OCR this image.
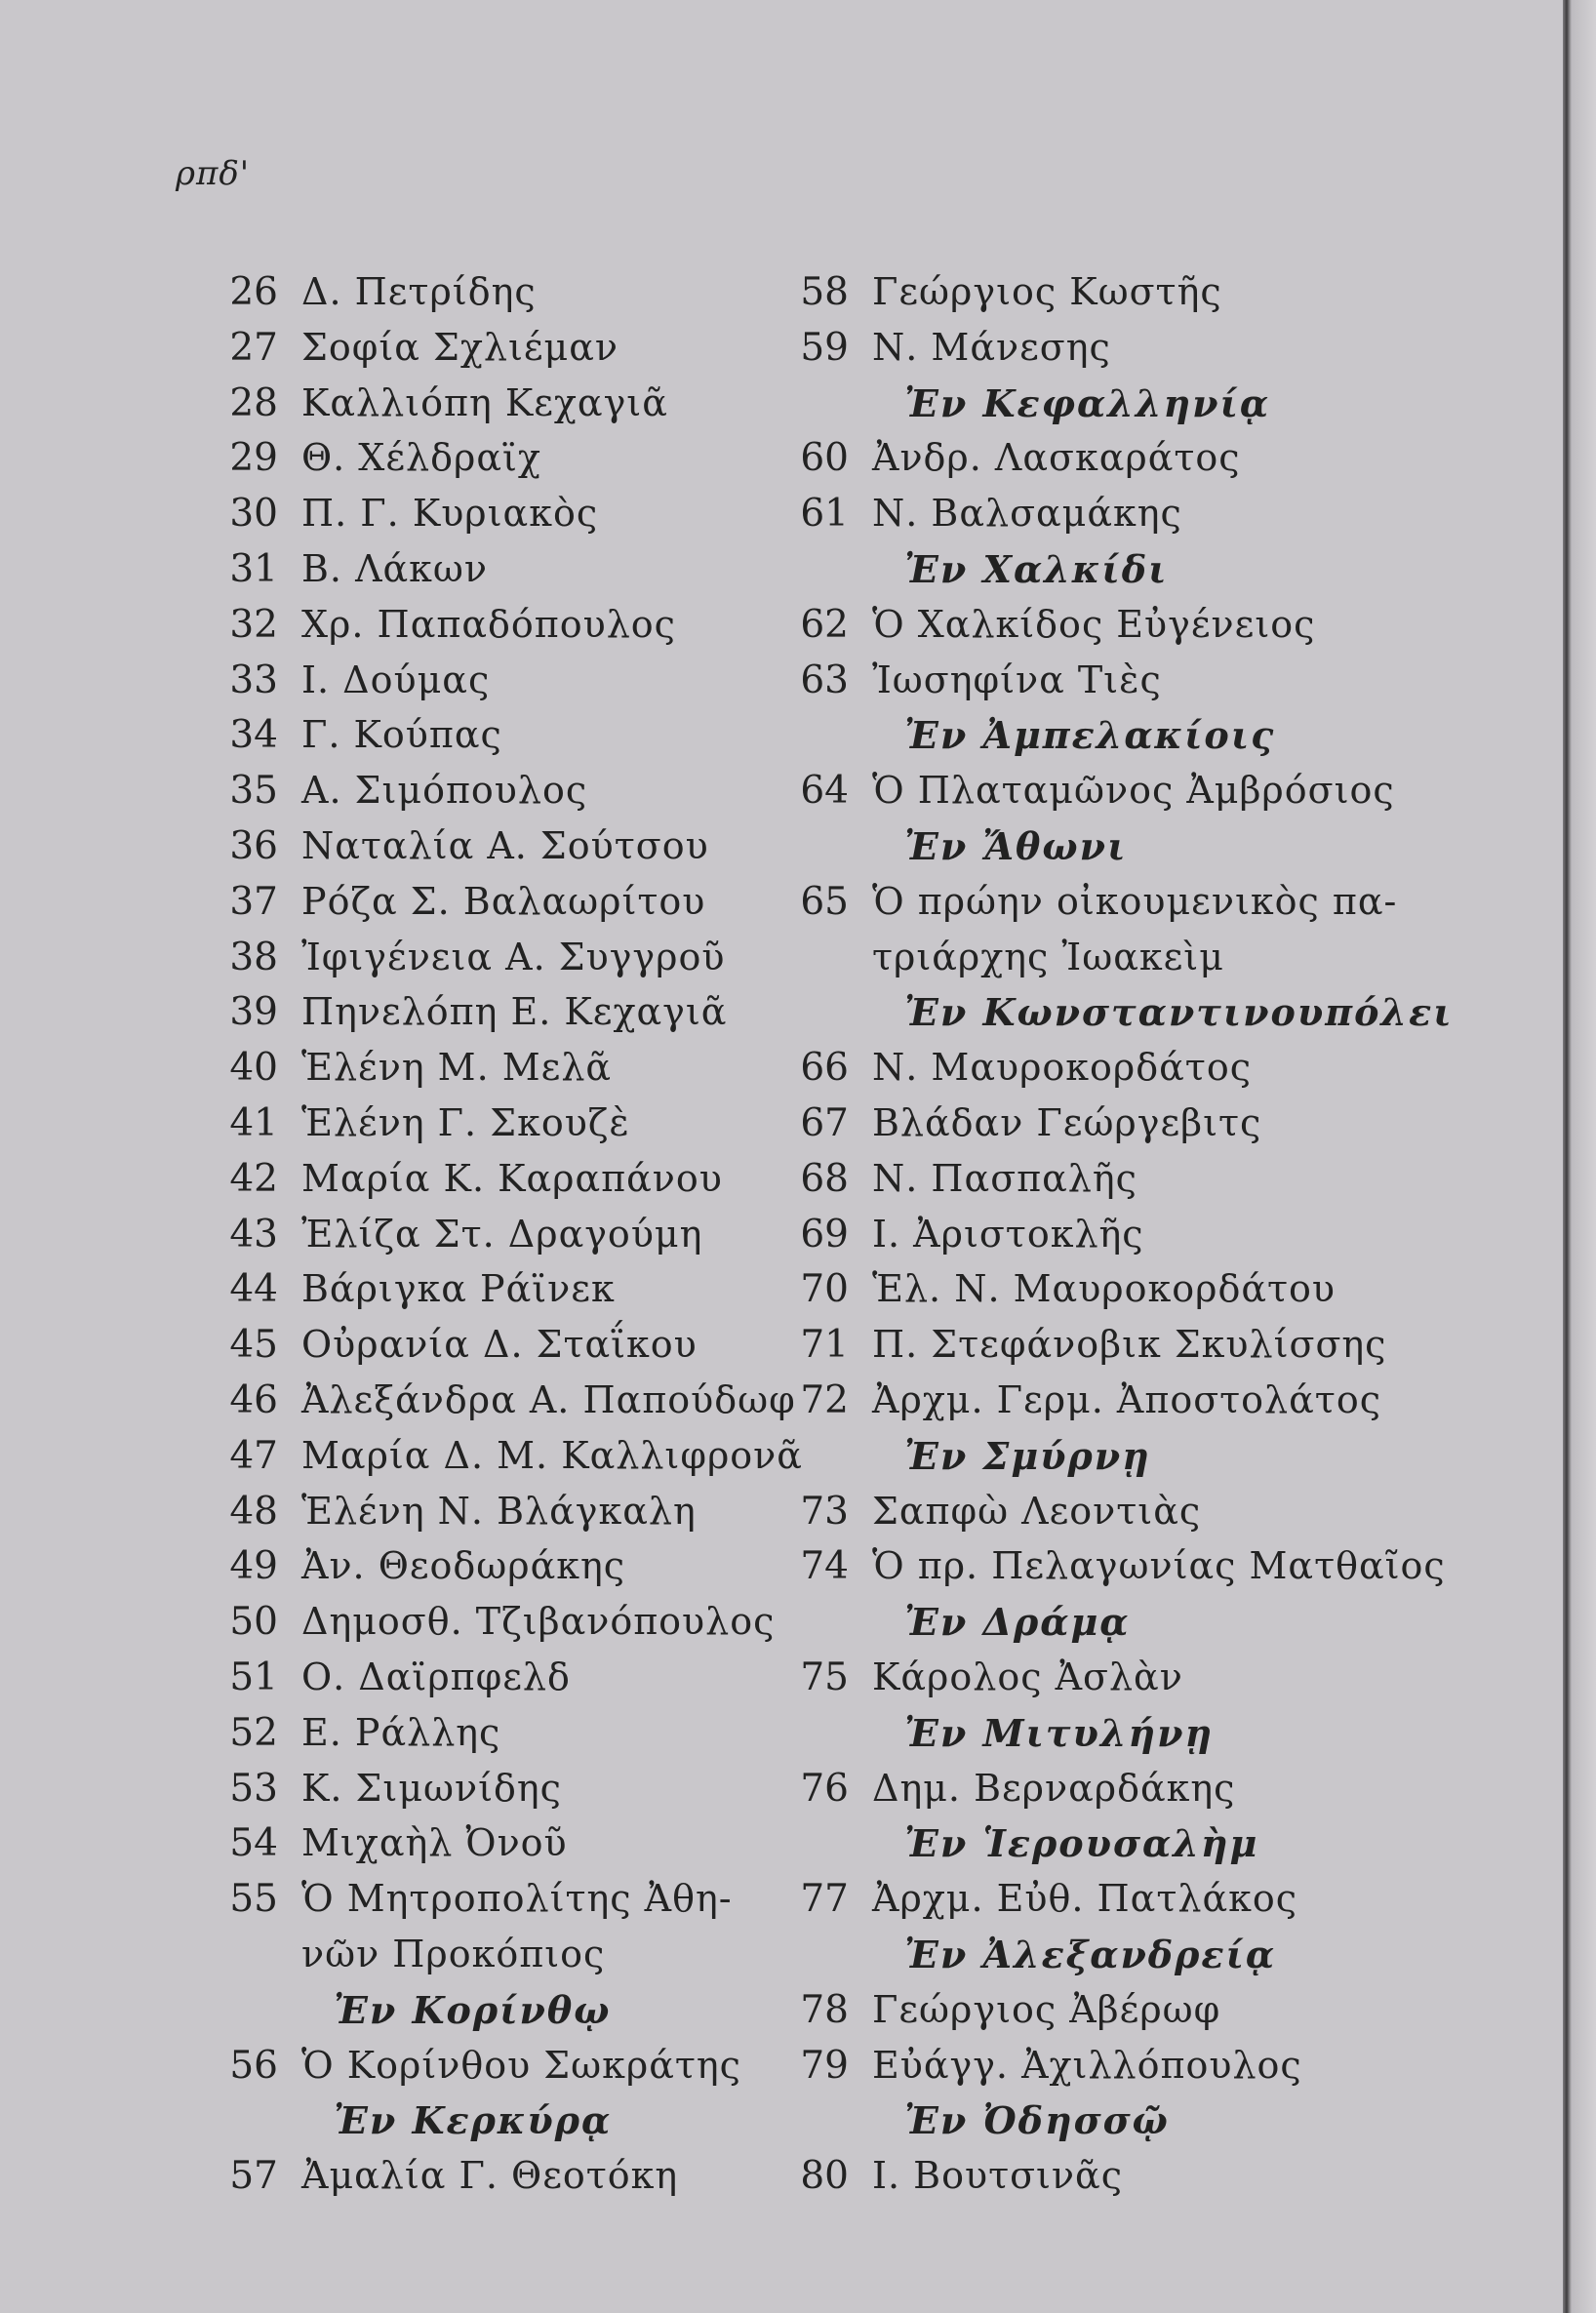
ρπδ'
26 Δ. Πετρίδης
27 Σοφία Σχλιέμαν
28 Καλλιόπη Κεχαγιᾶ
29 Θ. Χέλδραϊχ
30 Π. Γ. Κυριακὸς
31 Β. Λάκων
32 Χρ. Παπαδόπουλος
33 Ι. Δούμας
34 Γ. Κούπας
35 Α. Σιμόπουλος
36 Ναταλία Α. Σούτσου
37 Ρόζα Σ. Βαλαωρίτου
38 Ἰφιγένεια Α. Συγγροῦ
39 Πηνελόπη Ε. Κεχαγιᾶ
40 Ἑλένη Μ. Μελᾶ
41 Ἑλένη Γ. Σκουζὲ
42 Μαρία Κ. Καραπάνου
43 Ἐλίζα Στ. Δραγούμη
44 Βάριγκα Ράϊνεκ
45 Οὐρανία Δ. Σταΐκου
46 Ἀλεξάνδρα Α. Παπούδωφ
47 Μαρία Δ. Μ. Καλλιφρονᾶ
48 Ἑλένη Ν. Βλάγκαλη
49 Ἀν. Θεοδωράκης
50 Δημοσθ. Τζιβανόπουλος
51 Ο. Δαϊρπφελδ
52 Ε. Ράλλης
53 Κ. Σιμωνίδης
54 Μιχαὴλ Ὀνοῦ
55 Ὁ Μητροπολίτης Ἀθη-
νῶν Προκόπιος
Ἐν Κορίνθῳ
56 Ὁ Κορίνθου Σωκράτης
Ἐν Κερκύρᾳ
57 Ἀμαλία Γ. Θεοτόκη
58 Γεώργιος Κωστῆς
59 Ν. Μάνεσης
Ἐν Κεφαλληνίᾳ
60 Ἀνδρ. Λασκαράτος
61 Ν. Βαλσαμάκης
Ἐν Χαλκίδι
62 Ὁ Χαλκίδος Εὐγένειος
63 Ἰωσηφίνα Τιὲς
Ἐν Ἀμπελακίοις
64 Ὁ Πλαταμῶνος Ἀμβρόσιος
Ἐν Ἄθωνι
65 Ὁ πρώην οἰκουμενικὸς πα-
τριάρχης Ἰωακεὶμ
Ἐν Κωνσταντινουπόλει
66 Ν. Μαυροκορδάτος
67 Βλάδαν Γεώργεβιτς
68 Ν. Πασπαλῆς
69 Ι. Ἀριστοκλῆς
70 Ἑλ. Ν. Μαυροκορδάτου
71 Π. Στεφάνοβικ Σκυλίσσης
72 Ἀρχμ. Γερμ. Ἀποστολάτος
Ἐν Σμύρνῃ
73 Σαπφὼ Λεοντιὰς
74 Ὁ πρ. Πελαγωνίας Ματθαῖος
Ἐν Δράμᾳ
75 Κάρολος Ἀσλὰν
Ἐν Μιτυλήνῃ
76 Δημ. Βερναρδάκης
Ἐν Ἱερουσαλὴμ
77 Ἀρχμ. Εὐθ. Πατλάκος
Ἐν Ἀλεξανδρείᾳ
78 Γεώργιος Ἀβέρωφ
79 Εὐάγγ. Ἀχιλλόπουλος
Ἐν Ὀδησσῷ
80 Ι. Βουτσινᾶς
